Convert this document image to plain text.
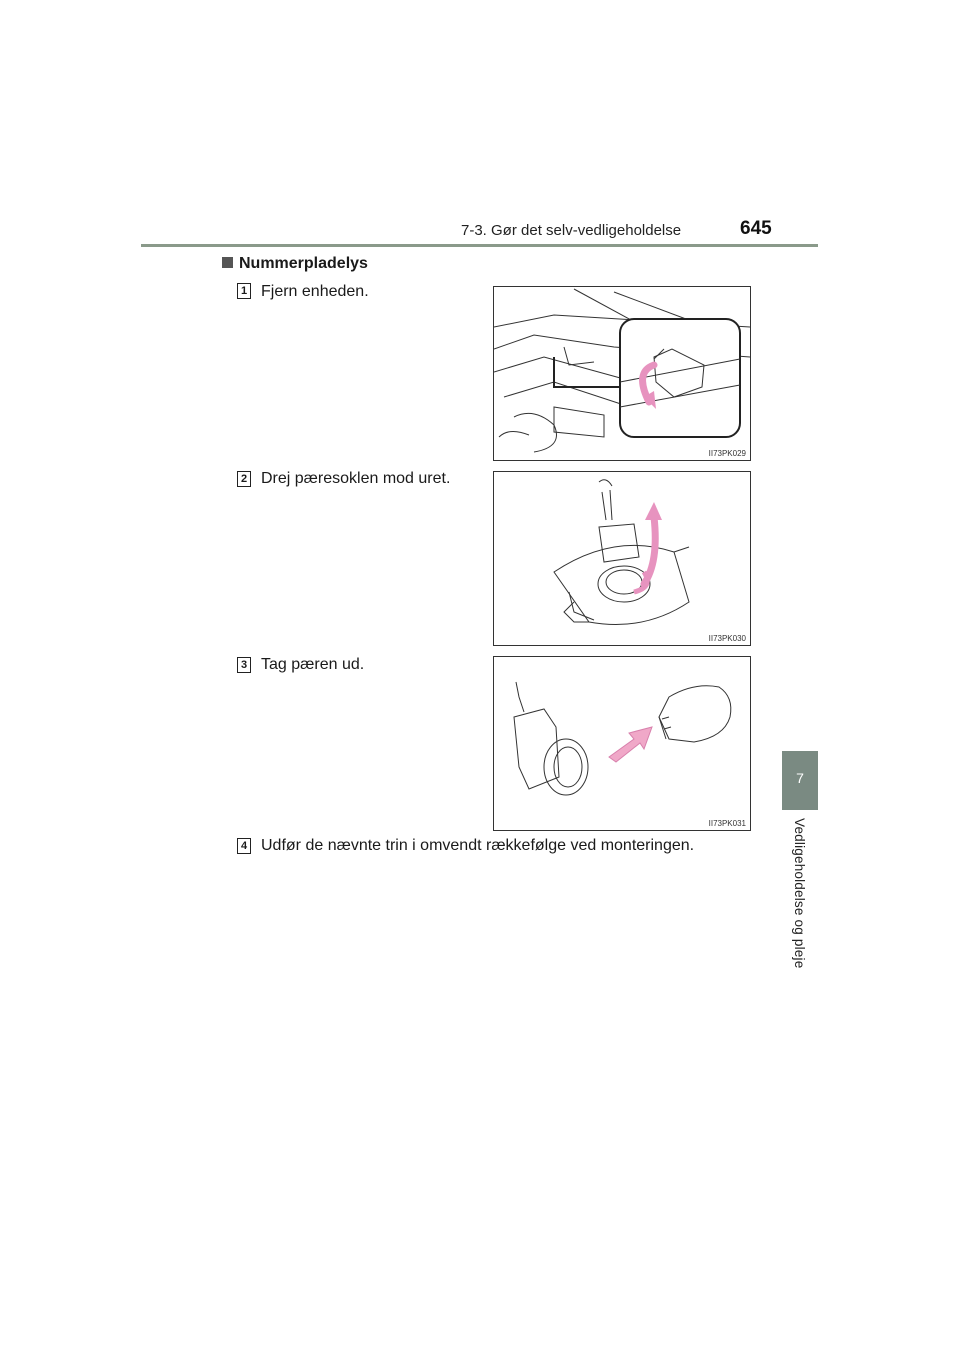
7-3. Gør det selv-vedligeholdelse	645
7
Vedligeholdelse og pleje
Nummerpladelys
1 Fjern enheden.
II73PK029
2 Drej pæresoklen mod uret.
II73PK030
3 Tag pæren ud.
II73PK031
4 Udfør de nævnte trin i omvendt rækkefølge ved monteringen.
